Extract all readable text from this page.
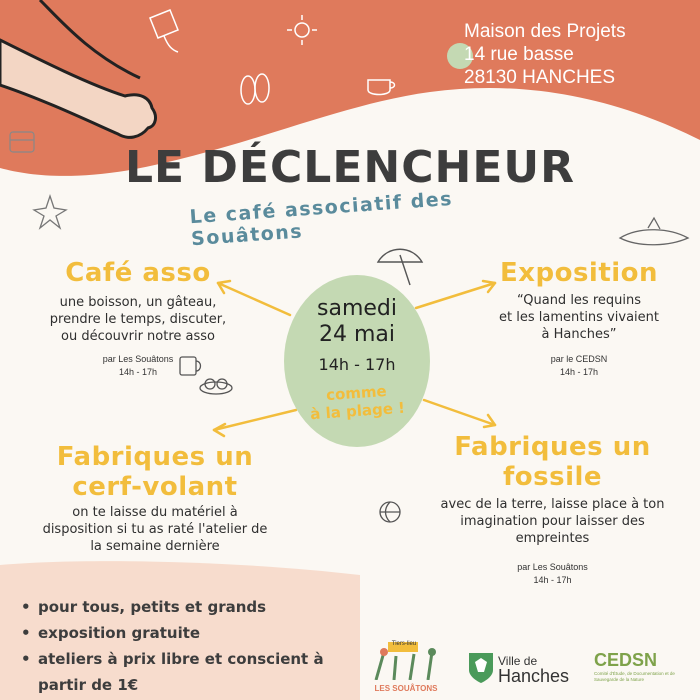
Maison des Projets
14 rue basse
28130 HANCHES
LE DÉCLENCHEUR
Le café associatif des Souâtons
samedi
24 mai
14h - 17h
comme
à la plage !
Café asso
une boisson, un gâteau,
prendre le temps, discuter,
ou découvrir notre asso
par Les Souâtons
14h - 17h
Exposition
“Quand les requins
et les lamentins vivaient
à Hanches”
par le CEDSN
14h - 17h
Fabriques un
cerf-volant
on te laisse du matériel à
disposition si tu as raté l'atelier de
la semaine dernière
Fabriques un
fossile
avec de la terre, laisse place à ton
imagination pour laisser des
empreintes
par Les Souâtons
14h - 17h
• pour tous, petits et grands
• exposition gratuite
• ateliers à prix libre et conscient à partir de 1€
Tiers-lieu
LES SOUÂTONS
Ville de
Hanches
CEDSN
Comité d'Étude, de Documentation et de Sauvegarde de la Nature
